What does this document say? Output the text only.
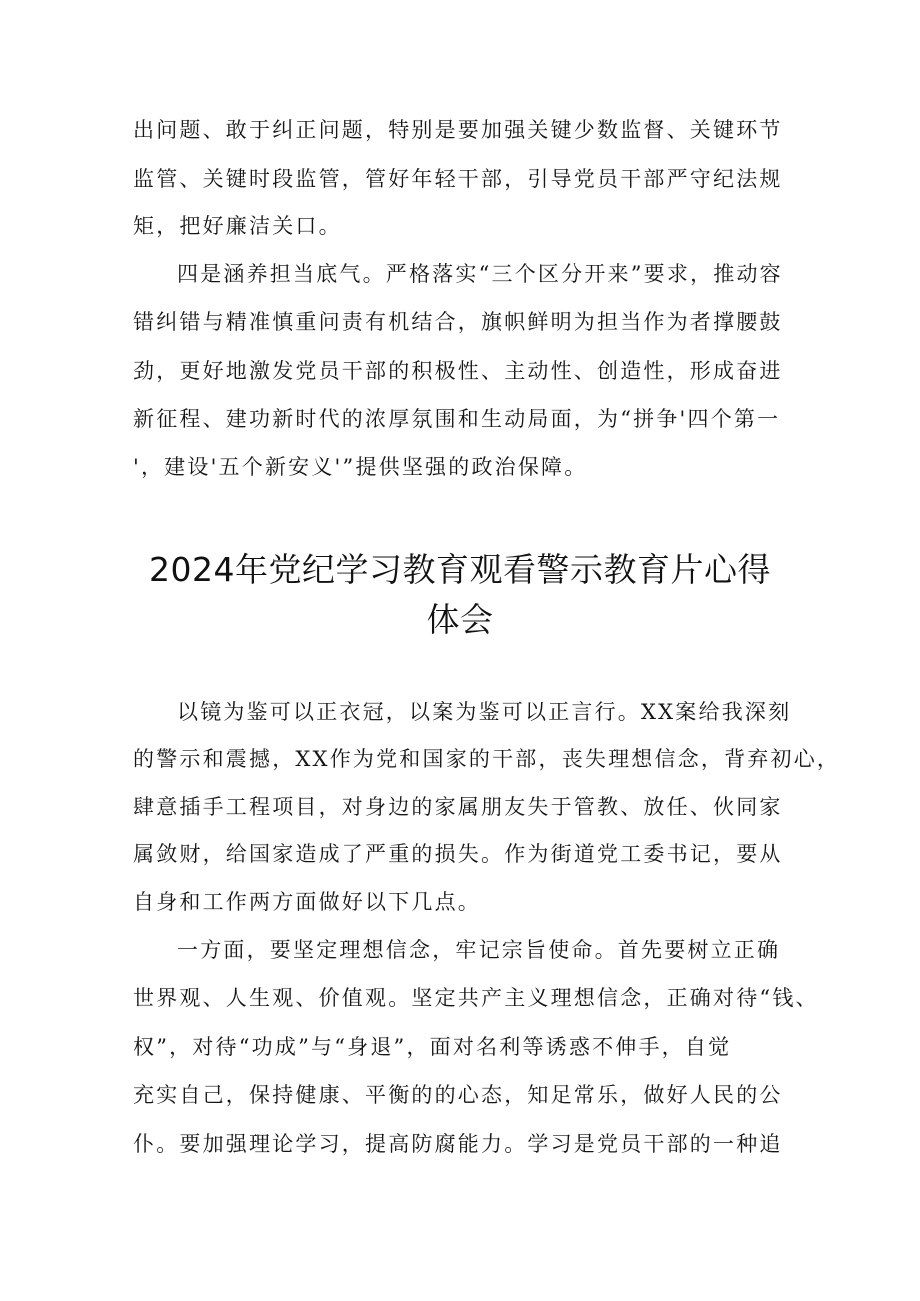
出问题、敢于纠正问题，特别是要加强关键少数监督、关键环节
监管、关键时段监管，管好年轻干部，引导党员干部严守纪法规
矩，把好廉洁关口。
四是涵养担当底气。严格落实“三个区分开来”要求，推动容
错纠错与精准慎重问责有机结合，旗帜鲜明为担当作为者撑腰鼓
劲，更好地激发党员干部的积极性、主动性、创造性，形成奋进
新征程、建功新时代的浓厚氛围和生动局面，为“拼争'四个第一
'，建设'五个新安义'”提供坚强的政治保障。
2024年党纪学习教育观看警示教育片心得
体会
以镜为鉴可以正衣冠，以案为鉴可以正言行。XX案给我深刻
的警示和震撼，XX作为党和国家的干部，丧失理想信念，背弃初心，
肆意插手工程项目，对身边的家属朋友失于管教、放任、伙同家
属敛财，给国家造成了严重的损失。作为街道党工委书记，要从
自身和工作两方面做好以下几点。
一方面，要坚定理想信念，牢记宗旨使命。首先要树立正确
世界观、人生观、价值观。坚定共产主义理想信念，正确对待“钱、
权”，对待“功成”与“身退”，面对名利等诱惑不伸手，自觉
充实自己，保持健康、平衡的的心态，知足常乐，做好人民的公
仆。要加强理论学习，提高防腐能力。学习是党员干部的一种追
